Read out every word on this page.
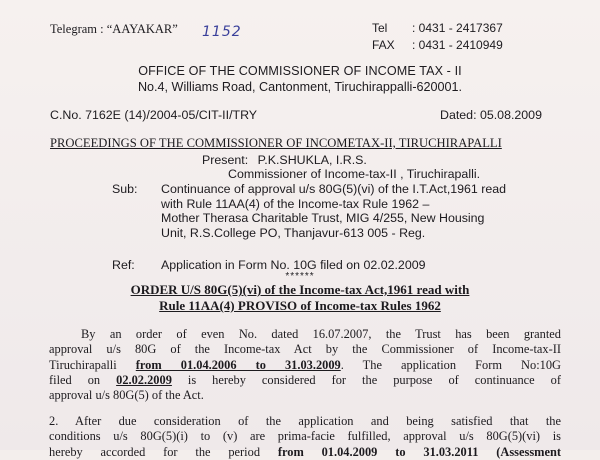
Telegram : “AAYAKAR” 1152	Tel : 0431 - 2417367
FAX : 0431 - 2410949
OFFICE OF THE COMMISSIONER OF INCOME TAX - II
No.4, Williams Road, Cantonment, Tiruchirappalli-620001.
C.No. 7162E (14)/2004-05/CIT-II/TRY	Dated: 05.08.2009
PROCEEDINGS OF THE COMMISSIONER OF INCOMETAX-II, TIRUCHIRAPALLI
Present: P.K.SHUKLA, I.R.S.
Commissioner of Income-tax-II , Tiruchirapalli.
Sub: Continuance of approval u/s 80G(5)(vi) of the I.T.Act,1961 read
with Rule 11AA(4) of the Income-tax Rule 1962 –
Mother Therasa Charitable Trust, MIG 4/255, New Housing
Unit, R.S.College PO, Thanjavur-613 005 - Reg.
Ref: Application in Form No. 10G filed on 02.02.2009
******
ORDER U/S 80G(5)(vi) of the Income-tax Act,1961 read with
Rule 11AA(4) PROVISO of Income-tax Rules 1962
By an order of even No. dated 16.07.2007, the Trust has been granted
approval u/s 80G of the Income-tax Act by the Commissioner of Income-tax-II
Tiruchirapalli from 01.04.2006 to 31.03.2009. The application Form No:10G
filed on 02.02.2009 is hereby considered for the purpose of continuance of
approval u/s 80G(5) of the Act.
2. After due consideration of the application and being satisfied that the
conditions u/s 80G(5)(i) to (v) are prima-facie fulfilled, approval u/s 80G(5)(vi) is
hereby accorded for the period from 01.04.2009 to 31.03.2011 (Assessment
